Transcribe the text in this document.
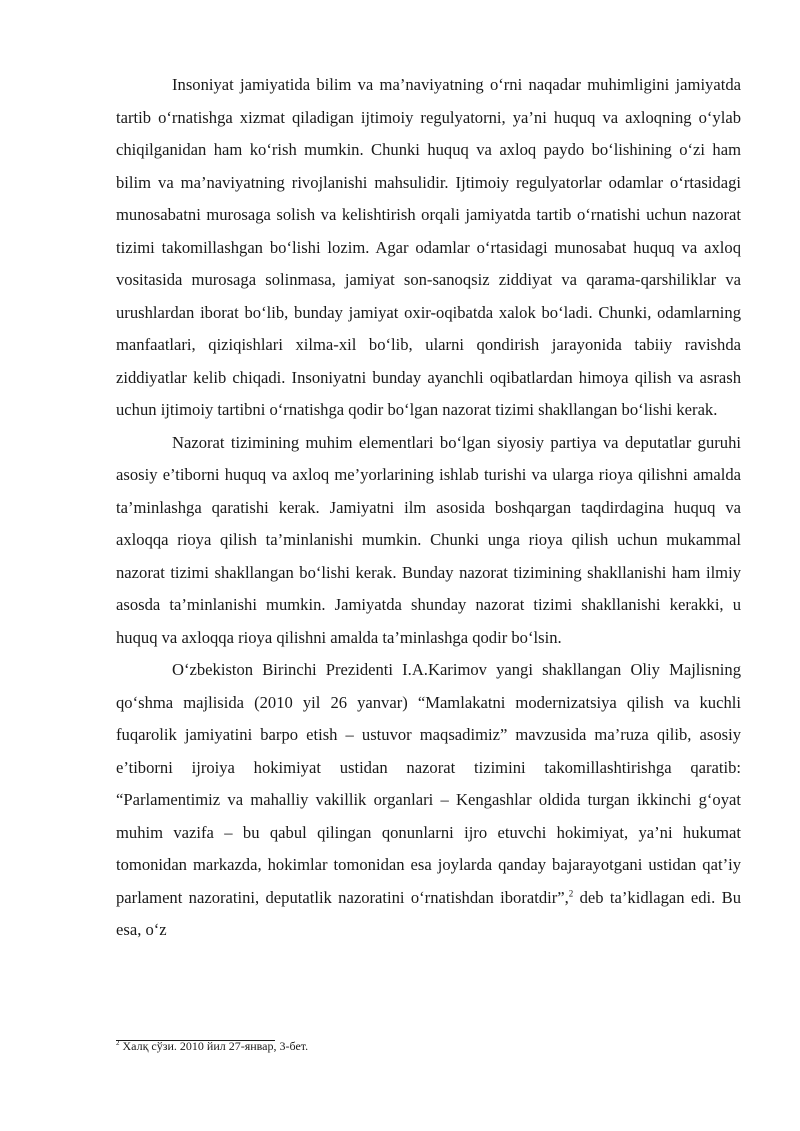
Insoniyat jamiyatida bilim va ma’naviyatning o‘rni naqadar muhimligini jamiyatda tartib o‘rnatishga xizmat qiladigan ijtimoiy regulyatorni, ya’ni huquq va axloqning o‘ylab chiqilganidan ham ko‘rish mumkin. Chunki huquq va axloq paydo bo‘lishining o‘zi ham bilim va ma’naviyatning rivojlanishi mahsulidir. Ijtimoiy regulyatorlar odamlar o‘rtasidagi munosabatni murosaga solish va kelishtirish orqali jamiyatda tartib o‘rnatishi uchun nazorat tizimi takomillashgan bo‘lishi lozim. Agar odamlar o‘rtasidagi munosabat huquq va axloq vositasida murosaga solinmasa, jamiyat son-sanoqsiz ziddiyat va qarama-qarshiliklar va urushlardan iborat bo‘lib, bunday jamiyat oxir-oqibatda xalok bo‘ladi. Chunki, odamlarning manfaatlari, qiziqishlari xilma-xil bo‘lib, ularni qondirish jarayonida tabiiy ravishda ziddiyatlar kelib chiqadi. Insoniyatni bunday ayanchli oqibatlardan himoya qilish va asrash uchun ijtimoiy tartibni o‘rnatishga qodir bo‘lgan nazorat tizimi shakllangan bo‘lishi kerak.

Nazorat tizimining muhim elementlari bo‘lgan siyosiy partiya va deputatlar guruhi asosiy e’tiborni huquq va axloq me’yorlarining ishlab turishi va ularga rioya qilishni amalda ta’minlashga qaratishi kerak. Jamiyatni ilm asosida boshqargan taqdirdagina huquq va axloqqa rioya qilish ta’minlanishi mumkin. Chunki unga rioya qilish uchun mukammal nazorat tizimi shakllangan bo‘lishi kerak. Bunday nazorat tizimining shakllanishi ham ilmiy asosda ta’minlanishi mumkin. Jamiyatda shunday nazorat tizimi shakllanishi kerakki, u huquq va axloqqa rioya qilishni amalda ta’minlashga qodir bo‘lsin.

O‘zbekiston Birinchi Prezidenti I.A.Karimov yangi shakllangan Oliy Majlisning qo‘shma majlisida (2010 yil 26 yanvar) “Mamlakatni modernizatsiya qilish va kuchli fuqarolik jamiyatini barpo etish – ustuvor maqsadimiz” mavzusida ma’ruza qilib, asosiy e’tiborni ijroiya hokimiyat ustidan nazorat tizimini takomillashtirishga qaratib: “Parlamentimiz va mahalliy vakillik organlari – Kengashlar oldida turgan ikkinchi g‘oyat muhim vazifa – bu qabul qilingan qonunlarni ijro etuvchi hokimiyat, ya’ni hukumat tomonidan markazda, hokimlar tomonidan esa joylarda qanday bajarayotgani ustidan qat’iy parlament nazoratini, deputatlik nazoratini o‘rnatishdan iboratdir”,$^2$ deb ta’kidlagan edi. Bu esa, o‘z

$^2$ Халқ сўзи. 2010 йил 27-январ, 3-бет.
